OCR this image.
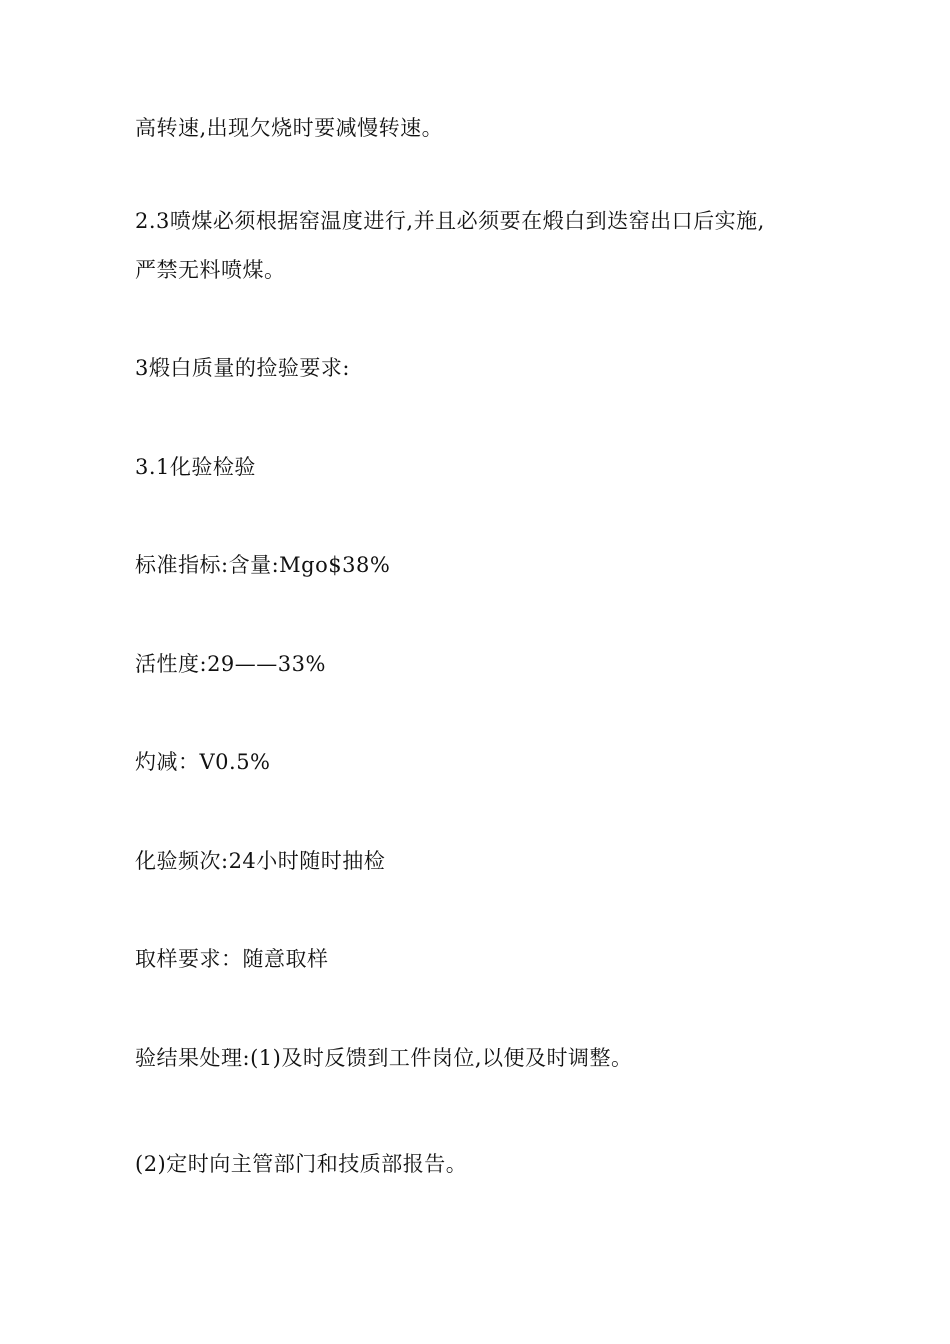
高转速,出现欠烧时要减慢转速。
2.3喷煤必须根据窑温度进行,并且必须要在煅白到迭窑出口后实施,
严禁无料喷煤。
3煅白质量的捡验要求:
3.1化验检验
标准指标:含量:Mgo$38%
活性度:29——33%
灼减：V0.5%
化验频次:24小时随时抽检
取样要求：随意取样
验结果处理:(1)及时反馈到工件岗位,以便及时调整。
(2)定时向主管部门和技质部报告。
